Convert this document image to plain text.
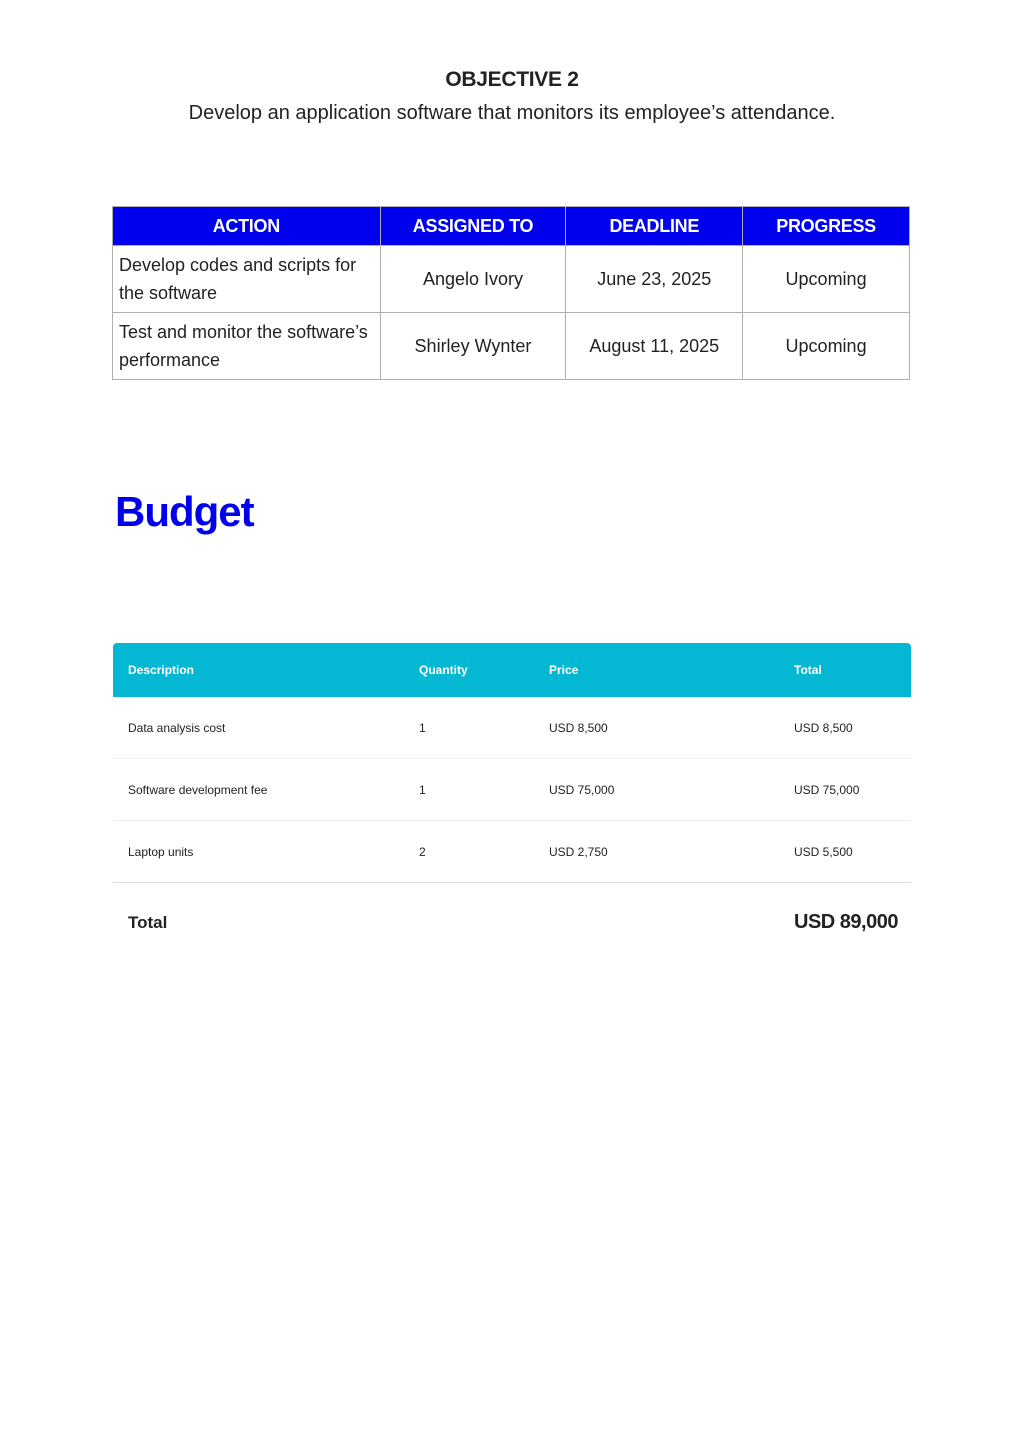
OBJECTIVE 2
Develop an application software that monitors its employee’s attendance.
ACTION	ASSIGNED TO	DEADLINE	PROGRESS
Develop codes and scripts for the software	Angelo Ivory	June 23, 2025	Upcoming
Test and monitor the software’s performance	Shirley Wynter	August 11, 2025	Upcoming
Budget
Description	Quantity	Price	Total
Data analysis cost	1	USD 8,500	USD 8,500
Software development fee	1	USD 75,000	USD 75,000
Laptop units	2	USD 2,750	USD 5,500
Total	USD 89,000
